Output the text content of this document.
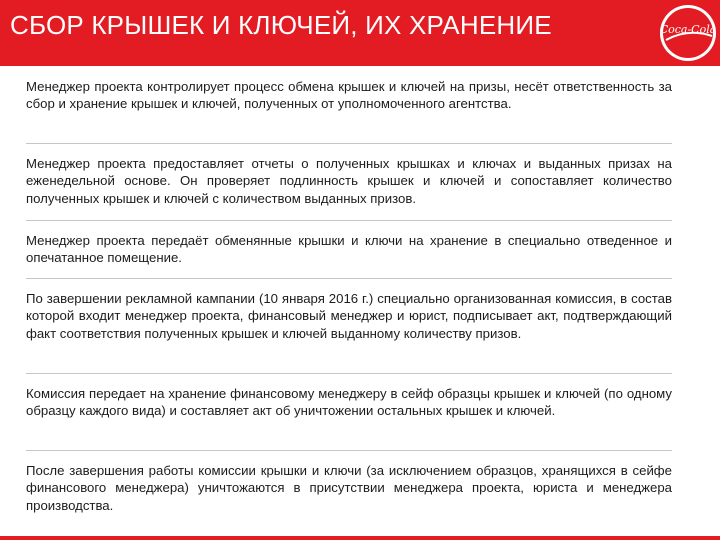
СБОР КРЫШЕК И КЛЮЧЕЙ, ИХ ХРАНЕНИЕ	Coca-Cola
Менеджер проекта контролирует процесс обмена крышек и ключей на призы, несёт ответственность за сбор и хранение крышек и ключей, полученных от уполномоченного агентства.
Менеджер проекта предоставляет отчеты о полученных крышках и ключах и выданных призах на еженедельной основе. Он проверяет подлинность крышек и ключей и сопоставляет количество полученных крышек и ключей с количеством выданных призов.
Менеджер проекта передаёт обменянные крышки и ключи на хранение в специально отведенное и опечатанное помещение.
По завершении рекламной кампании (10 января 2016 г.) специально организованная комиссия, в состав которой входит менеджер проекта, финансовый менеджер и юрист, подписывает акт, подтверждающий факт соответствия полученных крышек и ключей выданному количеству призов.
Комиссия передает на хранение финансовому менеджеру в сейф образцы крышек и ключей (по одному образцу каждого вида) и составляет акт об уничтожении остальных крышек и ключей.
После завершения работы комиссии крышки и ключи (за исключением образцов, хранящихся в сейфе финансового менеджера) уничтожаются в присутствии менеджера проекта, юриста и менеджера производства.
